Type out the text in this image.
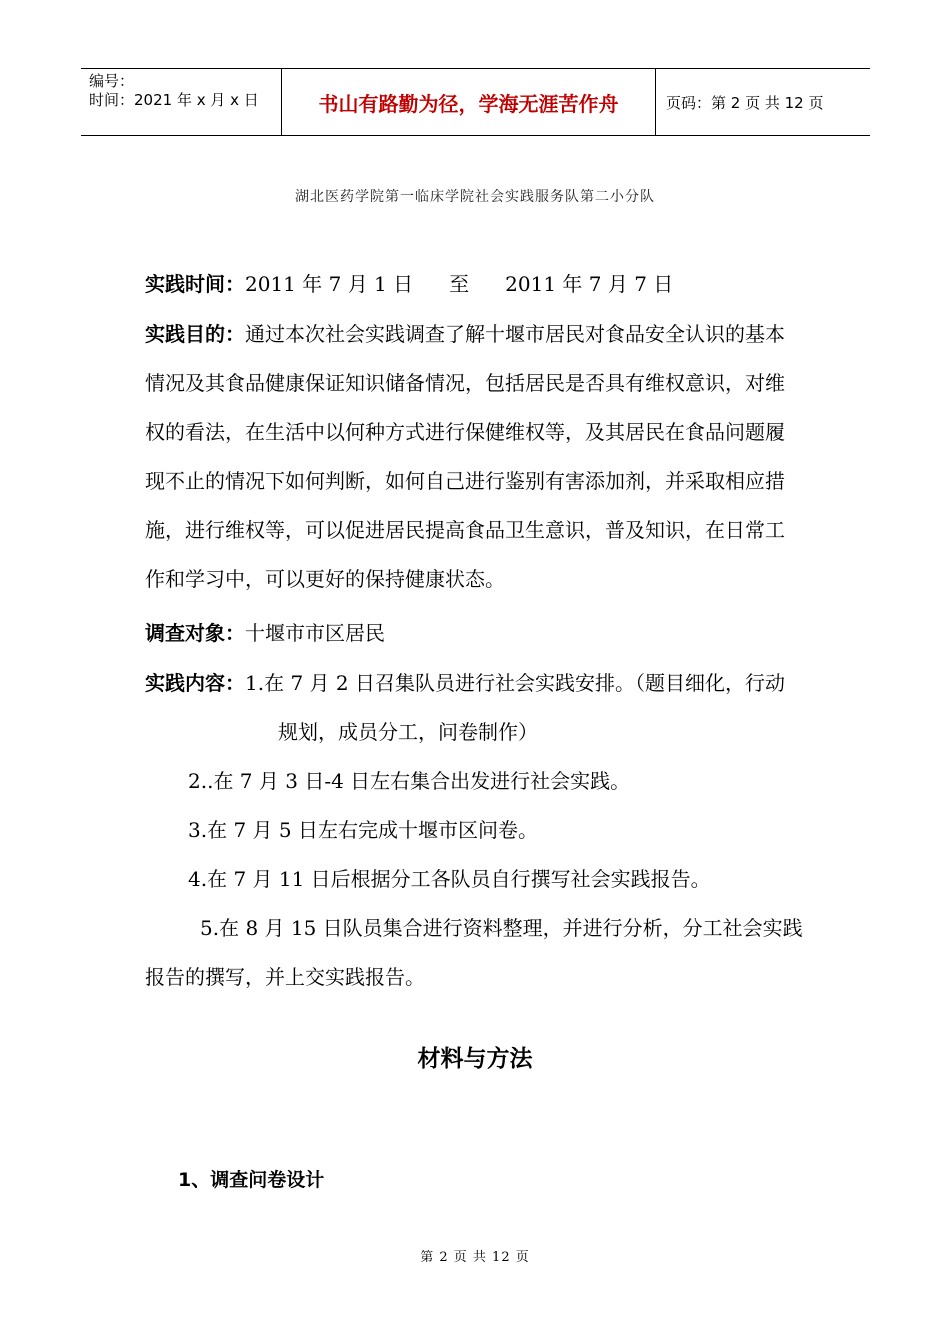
编号：
时间：2021 年 x 月 x 日	书山有路勤为径，学海无涯苦作舟	页码：第 2 页 共 12 页
湖北医药学院第一临床学院社会实践服务队第二小分队
实践时间：2011 年 7 月 1 日 至 2011 年 7 月 7 日
实践目的：通过本次社会实践调查了解十堰市居民对食品安全认识的基本
情况及其食品健康保证知识储备情况，包括居民是否具有维权意识，对维
权的看法，在生活中以何种方式进行保健维权等，及其居民在食品问题履
现不止的情况下如何判断，如何自己进行鉴别有害添加剂，并采取相应措
施，进行维权等，可以促进居民提高食品卫生意识，普及知识，在日常工
作和学习中，可以更好的保持健康状态。
调查对象：十堰市市区居民
实践内容：1.在 7 月 2 日召集队员进行社会实践安排。（题目细化，行动
规划，成员分工，问卷制作）
2..在 7 月 3 日-4 日左右集合出发进行社会实践。
3.在 7 月 5 日左右完成十堰市区问卷。
4.在 7 月 11 日后根据分工各队员自行撰写社会实践报告。
5.在 8 月 15 日队员集合进行资料整理，并进行分析，分工社会实践
报告的撰写，并上交实践报告。
材料与方法
1、调查问卷设计
第 2 页 共 12 页
